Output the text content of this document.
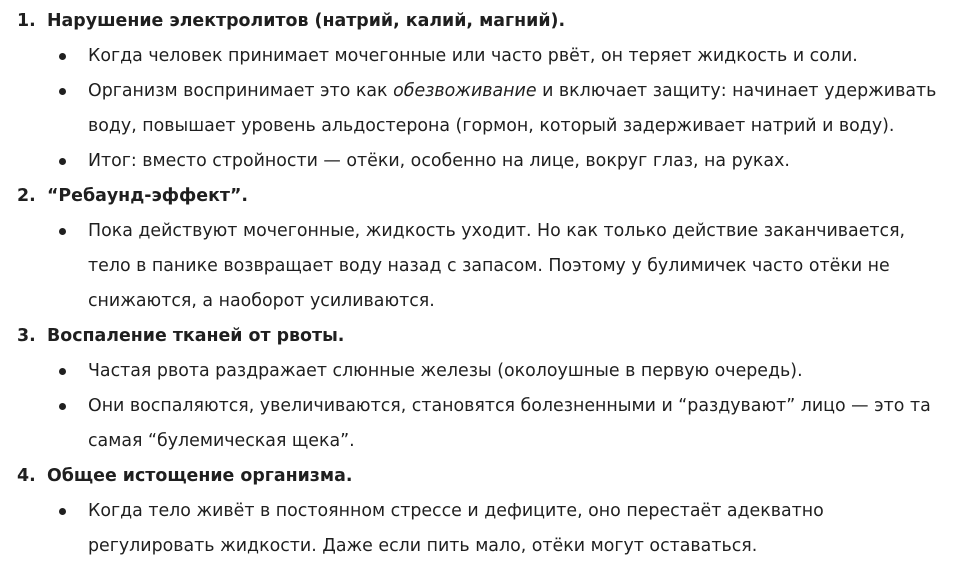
1. Нарушение электролитов (натрий, калий, магний).
Когда человек принимает мочегонные или часто рвёт, он теряет жидкость и соли.
Организм воспринимает это как обезвоживание и включает защиту: начинает удерживать воду, повышает уровень альдостерона (гормон, который задерживает натрий и воду).
Итог: вместо стройности — отёки, особенно на лице, вокруг глаз, на руках.
2. “Ребаунд-эффект”.
Пока действуют мочегонные, жидкость уходит. Но как только действие заканчивается, тело в панике возвращает воду назад с запасом. Поэтому у булимичек часто отёки не снижаются, а наоборот усиливаются.
3. Воспаление тканей от рвоты.
Частая рвота раздражает слюнные железы (околоушные в первую очередь).
Они воспаляются, увеличиваются, становятся болезненными и “раздувают” лицо — это та самая “булемическая щека”.
4. Общее истощение организма.
Когда тело живёт в постоянном стрессе и дефиците, оно перестаёт адекватно регулировать жидкости. Даже если пить мало, отёки могут оставаться.
